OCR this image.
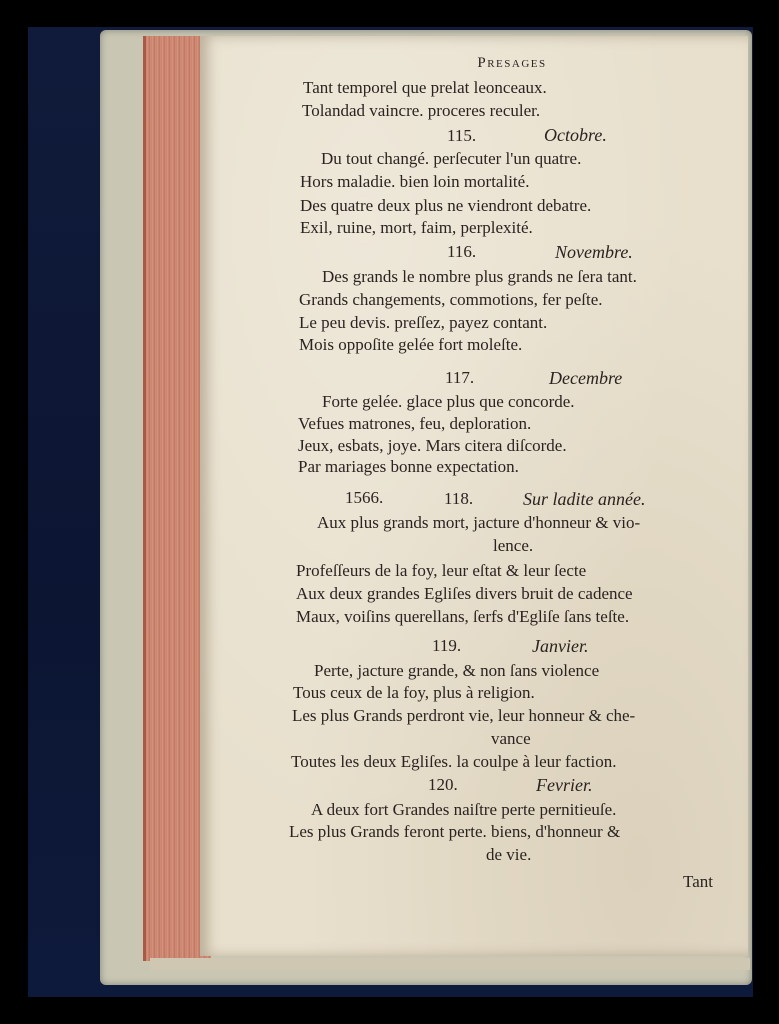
Presages
Tant temporel que prelat leonceaux.
Tolandad vaincre. proceres reculer.
115.	Octobre.
Du tout changé. perſecuter l'un quatre.
Hors maladie. bien loin mortalité.
Des quatre deux plus ne viendront debatre.
Exil, ruine, mort, faim, perplexité.
116.	Novembre.
Des grands le nombre plus grands ne ſera tant.
Grands changements, commotions, fer peſte.
Le peu devis. preſſez, payez contant.
Mois oppoſite gelée fort moleſte.
117.	Decembre
Forte gelée. glace plus que concorde.
Vefues matrones, feu, deploration.
Jeux, esbats, joye. Mars citera diſcorde.
Par mariages bonne expectation.
1566.	118.	Sur ladite année.
Aux plus grands mort, jacture d'honneur & vio-
lence.
Profeſſeurs de la foy, leur eſtat & leur ſecte
Aux deux grandes Egliſes divers bruit de cadence
Maux, voiſins querellans, ſerfs d'Egliſe ſans teſte.
119.	Janvier.
Perte, jacture grande, & non ſans violence
Tous ceux de la foy, plus à religion.
Les plus Grands perdront vie, leur honneur & che-
vance
Toutes les deux Egliſes. la coulpe à leur faction.
120.	Fevrier.
A deux fort Grandes naiſtre perte pernitieuſe.
Les plus Grands feront perte. biens, d'honneur &
de vie.
Tant
